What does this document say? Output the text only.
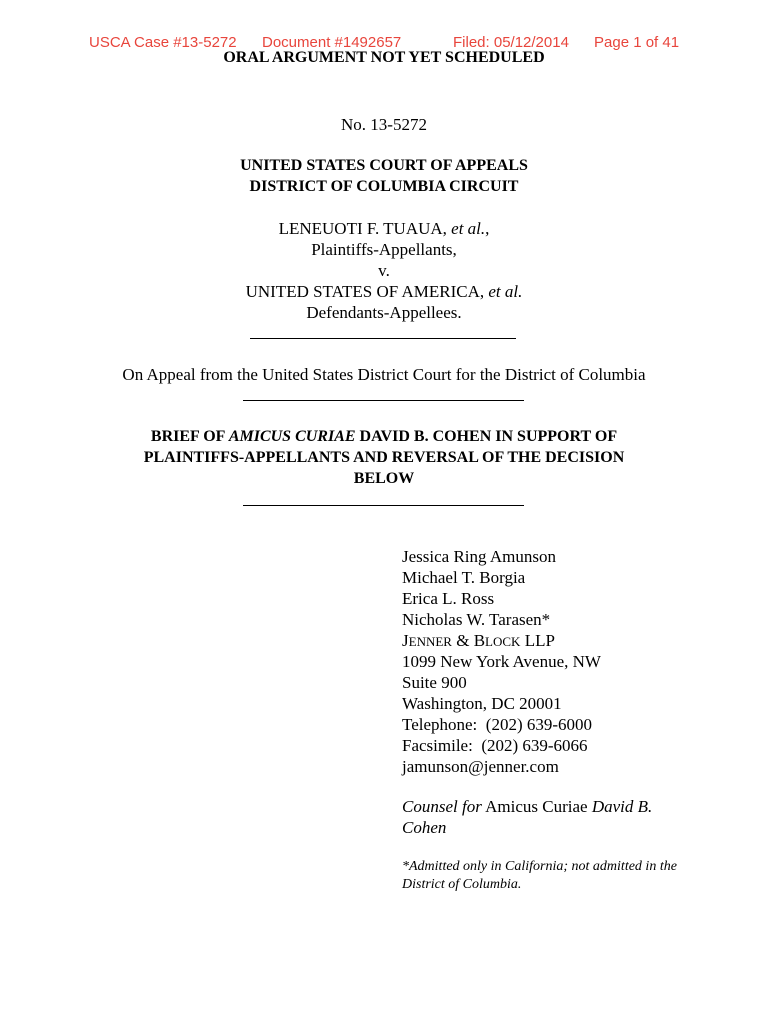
USCA Case #13-5272 Document #1492657	Filed: 05/12/2014 Page 1 of 41
ORAL ARGUMENT NOT YET SCHEDULED
No. 13-5272
UNITED STATES COURT OF APPEALS
DISTRICT OF COLUMBIA CIRCUIT
LENEUOTI F. TUAUA, et al.,
Plaintiffs-Appellants,
v.
UNITED STATES OF AMERICA, et al.
Defendants-Appellees.
On Appeal from the United States District Court for the District of Columbia
BRIEF OF AMICUS CURIAE DAVID B. COHEN IN SUPPORT OF
PLAINTIFFS-APPELLANTS AND REVERSAL OF THE DECISION
BELOW
Jessica Ring Amunson
Michael T. Borgia
Erica L. Ross
Nicholas W. Tarasen*
JENNER & BLOCK LLP
1099 New York Avenue, NW
Suite 900
Washington, DC 20001
Telephone:  (202) 639-6000
Facsimile:  (202) 639-6066
jamunson@jenner.com
Counsel for Amicus Curiae David B.
Cohen
*Admitted only in California; not admitted in the District of Columbia.
